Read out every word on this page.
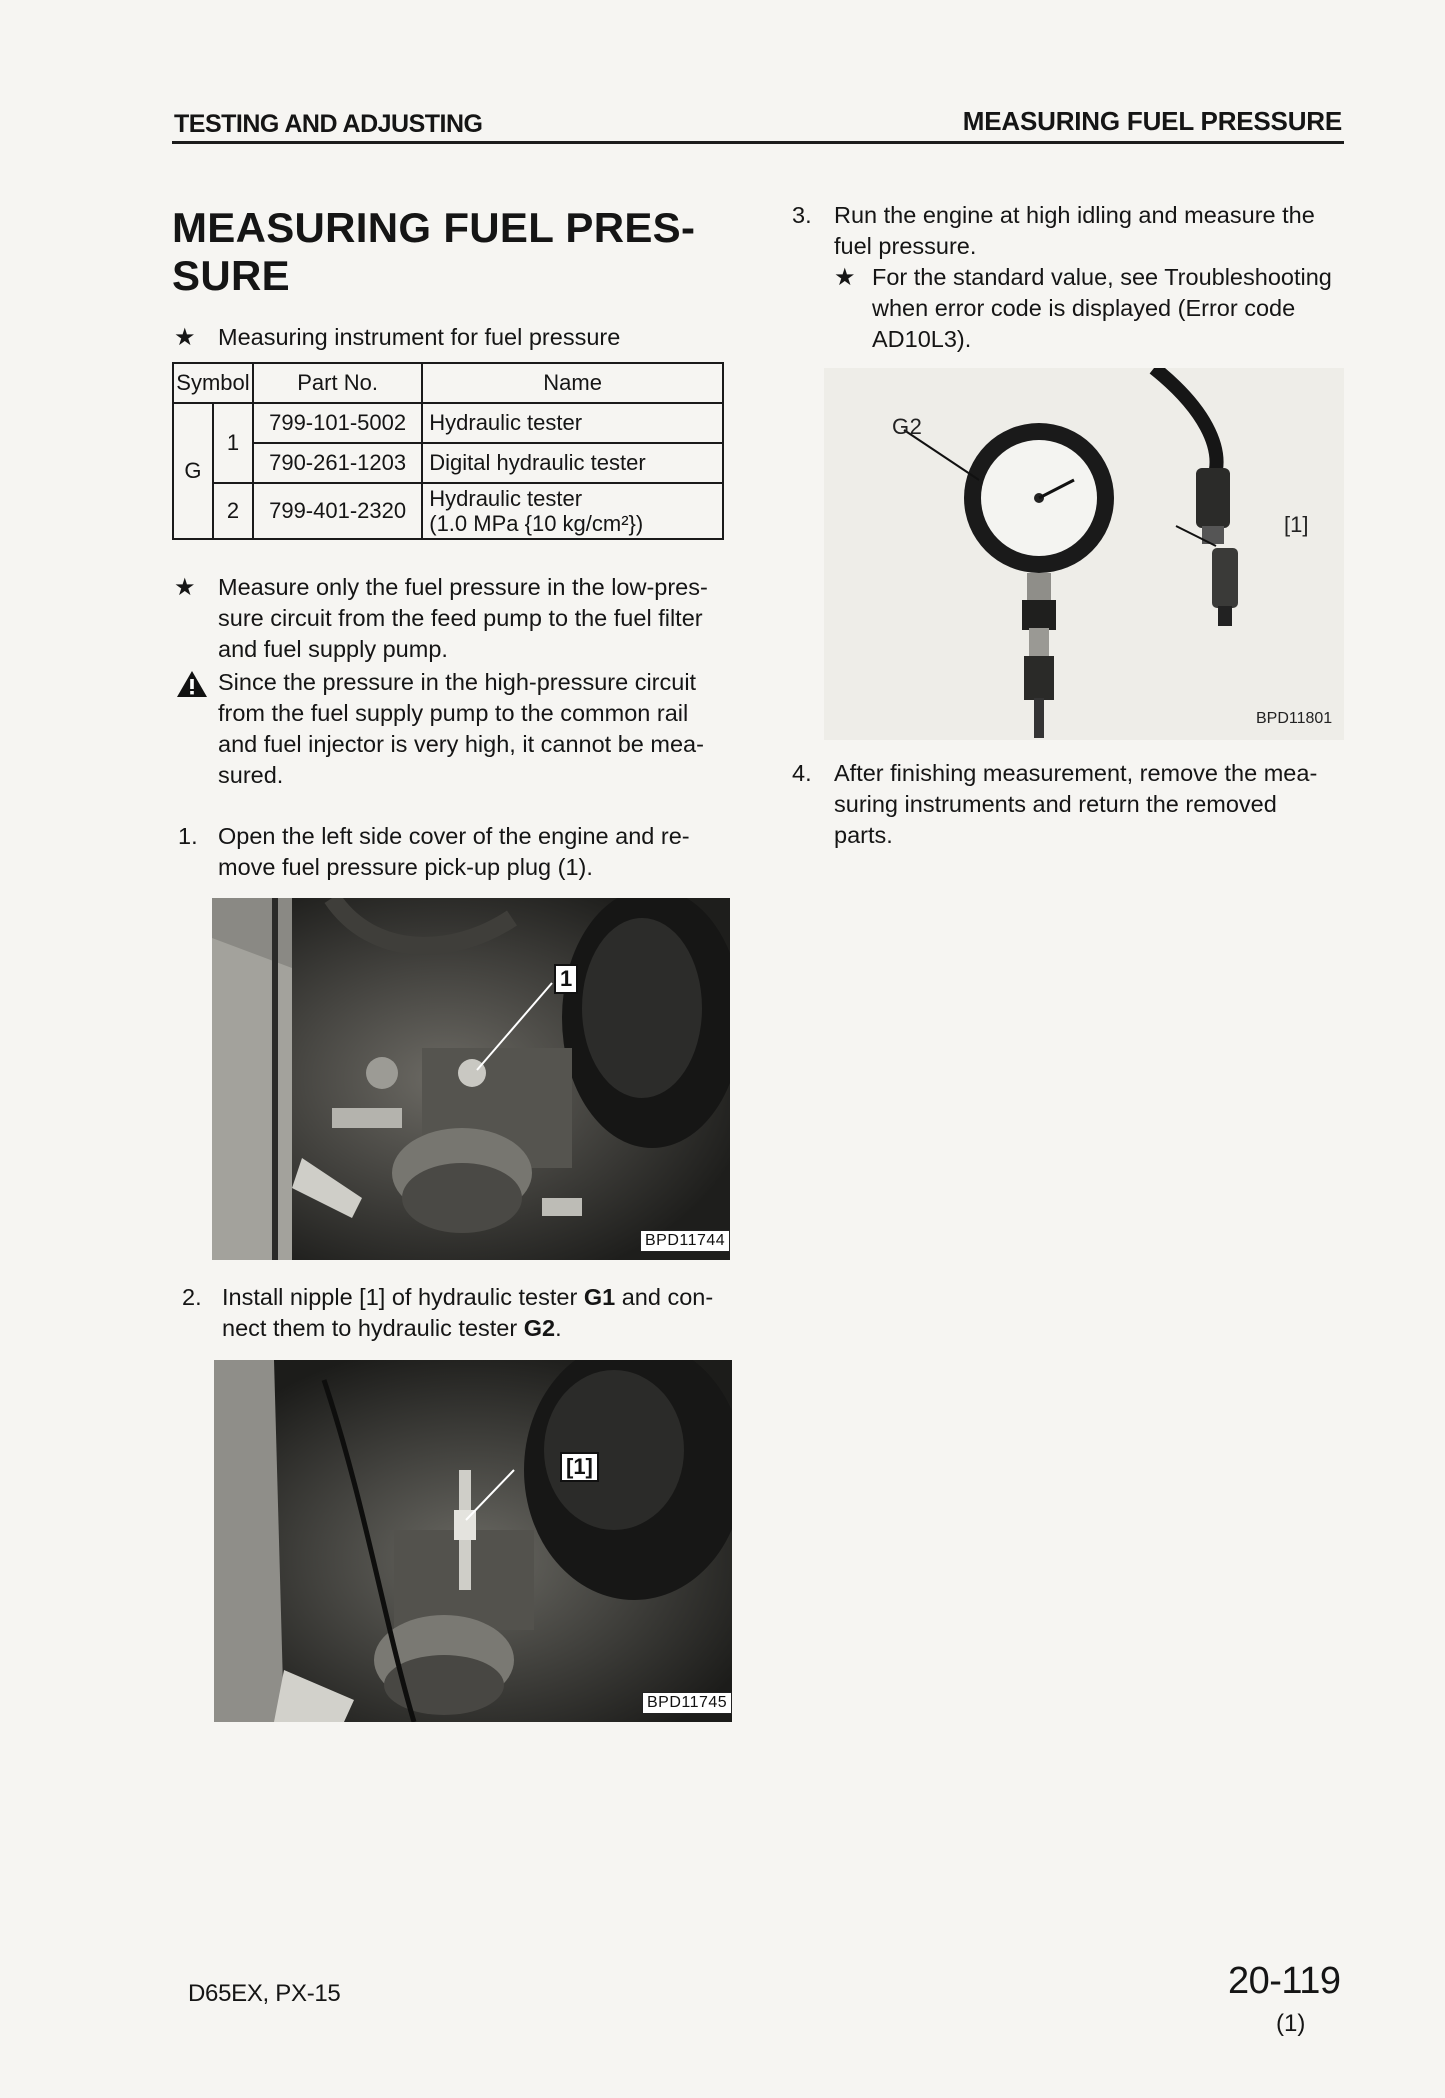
TESTING AND ADJUSTING	MEASURING FUEL PRESSURE
MEASURING FUEL PRES-
SURE
★ Measuring instrument for fuel pressure
Symbol		Part No.	Name
G	1	799-101-5002	Hydraulic tester
		790-261-1203	Digital hydraulic tester
	2	799-401-2320	Hydraulic tester
(1.0 MPa {10 kg/cm²})
★ Measure only the fuel pressure in the low-pres-
sure circuit from the feed pump to the fuel filter
and fuel supply pump.
Since the pressure in the high-pressure circuit
from the fuel supply pump to the common rail
and fuel injector is very high, it cannot be mea-
sured.
1. Open the left side cover of the engine and re-
move fuel pressure pick-up plug (1).
1
BPD11744
2. Install nipple [1] of hydraulic tester G1 and con-
nect them to hydraulic tester G2.
[1]
BPD11745
3. Run the engine at high idling and measure the
fuel pressure.
★ For the standard value, see Troubleshooting
when error code is displayed (Error code
AD10L3).
G2
[1]
BPD11801
4. After finishing measurement, remove the mea-
suring instruments and return the removed
parts.
D65EX, PX-15	20-119
(1)
